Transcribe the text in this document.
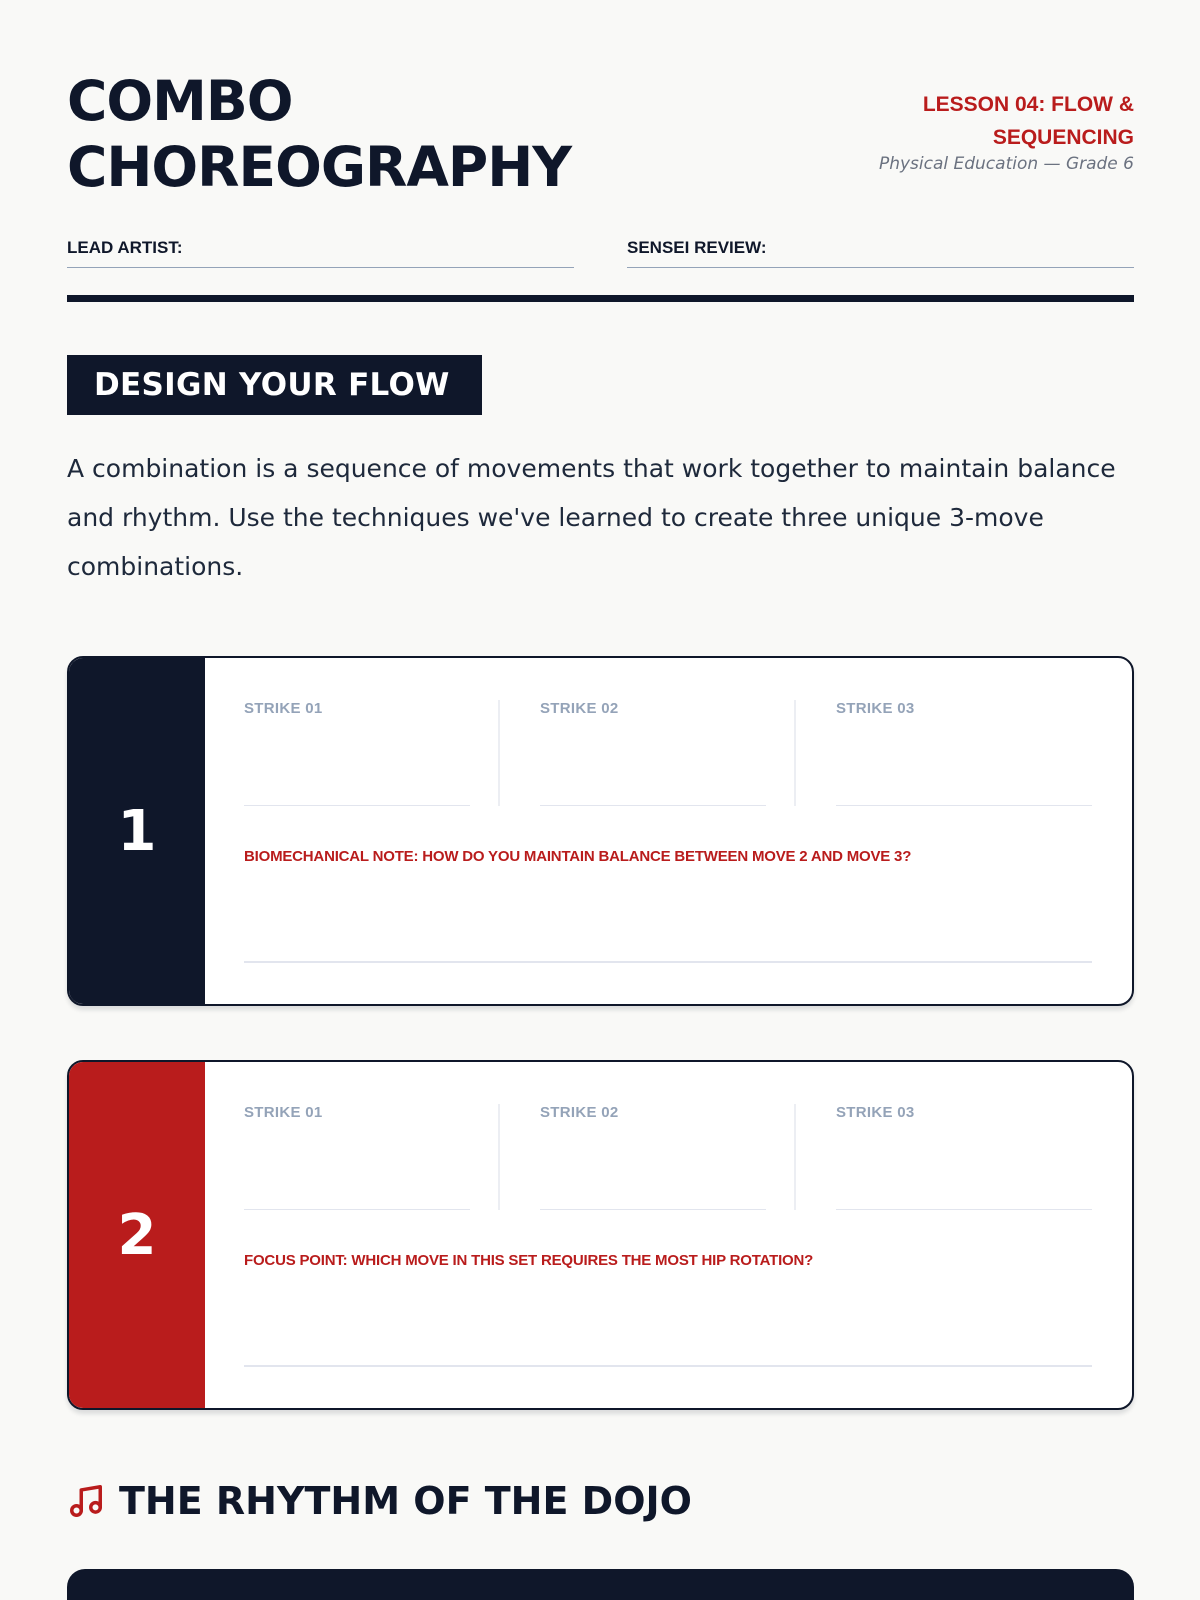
COMBO
CHOREOGRAPHY
LESSON 04: FLOW & SEQUENCING
Physical Education — Grade 6
LEAD ARTIST:	SENSEI REVIEW:
DESIGN YOUR FLOW

A combination is a sequence of movements that work together to maintain balance and rhythm. Use the techniques we've learned to create three unique 3-move combinations.

1
STRIKE 01	STRIKE 02	STRIKE 03
BIOMECHANICAL NOTE: HOW DO YOU MAINTAIN BALANCE BETWEEN MOVE 2 AND MOVE 3?
2
STRIKE 01	STRIKE 02	STRIKE 03
FOCUS POINT: WHICH MOVE IN THIS SET REQUIRES THE MOST HIP ROTATION?
THE RHYTHM OF THE DOJO
